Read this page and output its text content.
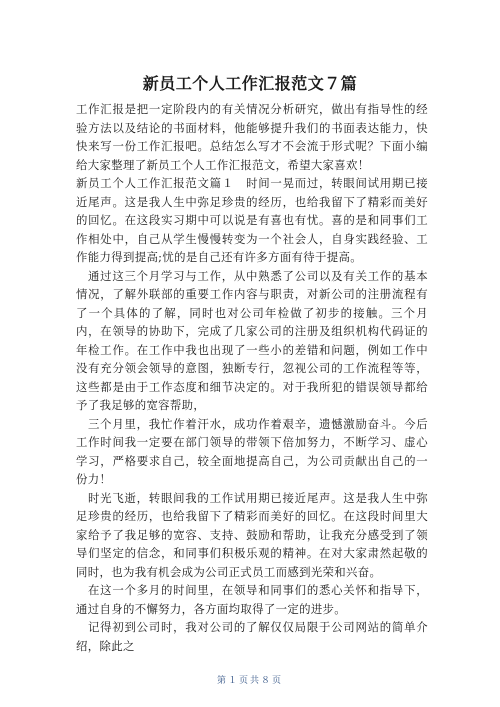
新员工个人工作汇报范文７篇

工作汇报是把一定阶段内的有关情况分析研究，做出有指导性的经验方法以及结论的书面材料，他能够提升我们的书面表达能力，快快来写一份工作汇报吧。总结怎么写才不会流于形式呢？下面小编给大家整理了新员工个人工作汇报范文，希望大家喜欢！

新员工个人工作汇报范文篇１　时间一晃而过，转眼间试用期已接近尾声。这是我人生中弥足珍贵的经历，也给我留下了精彩而美好的回忆。在这段实习期中可以说是有喜也有忧。喜的是和同事们工作相处中，自己从学生慢慢转变为一个社会人，自身实践经验、工作能力得到提高;忧的是自己还有许多方面有待于提高。

通过这三个月学习与工作，从中熟悉了公司以及有关工作的基本情况，了解外联部的重要工作内容与职责，对新公司的注册流程有了一个具体的了解，同时也对公司年检做了初步的接触。三个月内，在领导的协助下，完成了几家公司的注册及组织机构代码证的年检工作。在工作中我也出现了一些小的差错和问题，例如工作中没有充分领会领导的意图，独断专行，忽视公司的工作流程等等，这些都是由于工作态度和细节决定的。对于我所犯的错误领导都给予了我足够的宽容帮助，

三个月里，我忙作着汗水，成功作着艰辛，遗憾激励奋斗。今后工作时间我一定要在部门领导的带领下倍加努力，不断学习、虚心学习，严格要求自己，较全面地提高自己，为公司贡献出自己的一份力！

时光飞逝，转眼间我的工作试用期已接近尾声。这是我人生中弥足珍贵的经历，也给我留下了精彩而美好的回忆。在这段时间里大家给予了我足够的宽容、支持、鼓励和帮助，让我充分感受到了领导们坚定的信念，和同事们积极乐观的精神。在对大家肃然起敬的同时，也为我有机会成为公司正式员工而感到光荣和兴奋。

在这一个多月的时间里，在领导和同事们的悉心关怀和指导下，通过自身的不懈努力，各方面均取得了一定的进步。

记得初到公司时，我对公司的了解仅仅局限于公司网站的简单介绍，除此之

第１页共８页
